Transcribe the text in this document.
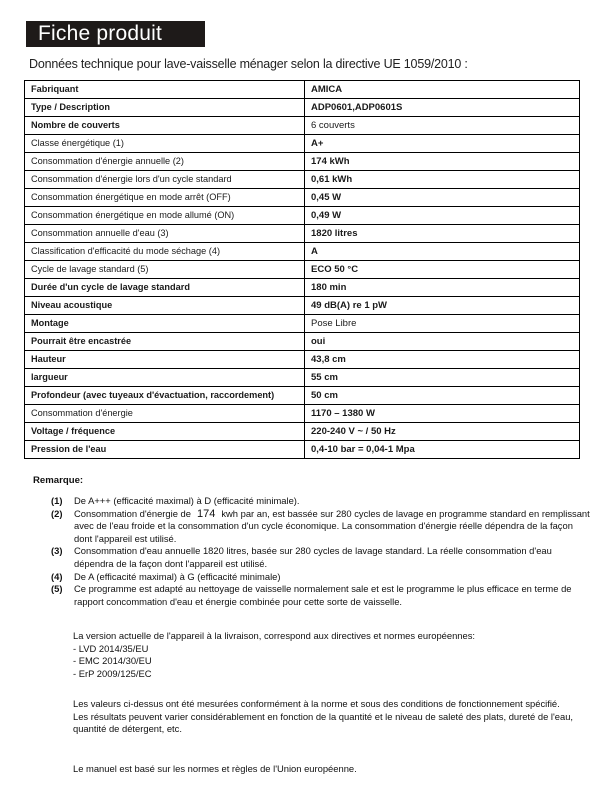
Fiche produit
Données technique pour lave-vaisselle ménager selon la directive UE 1059/2010 :
Fabriquant	AMICA
Type / Description	ADP0601,ADP0601S
Nombre de couverts	6 couverts
Classe énergétique (1)	A+
Consommation d'énergie annuelle (2)	174 kWh
Consommation d'énergie lors d'un cycle standard	0,61 kWh
Consommation énergétique en mode arrêt (OFF)	0,45 W
Consommation énergétique en mode allumé (ON)	0,49 W
Consommation annuelle d'eau (3)	1820 litres
Classification d'efficacité du mode séchage (4)	A
Cycle de lavage standard (5)	ECO 50 °C
Durée d'un cycle de lavage standard	180 min
Niveau acoustique	49 dB(A) re 1 pW
Montage	Pose Libre
Pourrait être encastrée	oui
Hauteur	43,8 cm
largueur	55 cm
Profondeur (avec tuyeaux d'évactuation, raccordement)	50 cm
Consommation d'énergie	1170 – 1380 W
Voltage / fréquence	220-240 V ~ / 50 Hz
Pression de l'eau	0,4-10 bar = 0,04-1 Mpa
Remarque:
(1)	De A+++ (efficacité maximal) à D (efficacité minimale).
(2)	Consommation d'énergie de 174 kwh par an, est bassée sur 280 cycles de lavage en programme standard en remplissant avec de l'eau froide et la consommation d'un cycle économique. La consommation d'énergie réelle dépendra de la façon dont l'appareil est utilisé.
(3)	Consommation d'eau annuelle 1820 litres, basée sur 280 cycles de lavage standard. La réelle consommation d'eau dépendra de la façon dont l'appareil est utilisé.
(4)	De A (efficacité maximal) à G (efficacité minimale)
(5)	Ce programme est adapté au nettoyage de vaisselle normalement sale et est le programme le plus efficace en terme de rapport concommation d'eau et énergie combinée pour cette sorte de vaisselle.
La version actuelle de l'appareil à la livraison, correspond aux directives et normes européennes:
- LVD 2014/35/EU
- EMC 2014/30/EU
- ErP 2009/125/EC
Les valeurs ci-dessus ont été mesurées conformément à la norme et sous des conditions de fonctionnement spécifié.
Les résultats peuvent varier considérablement en fonction de la quantité et le niveau de saleté des plats, dureté de l'eau, quantité de détergent, etc.
Le manuel est basé sur les normes et règles de l'Union européenne.
